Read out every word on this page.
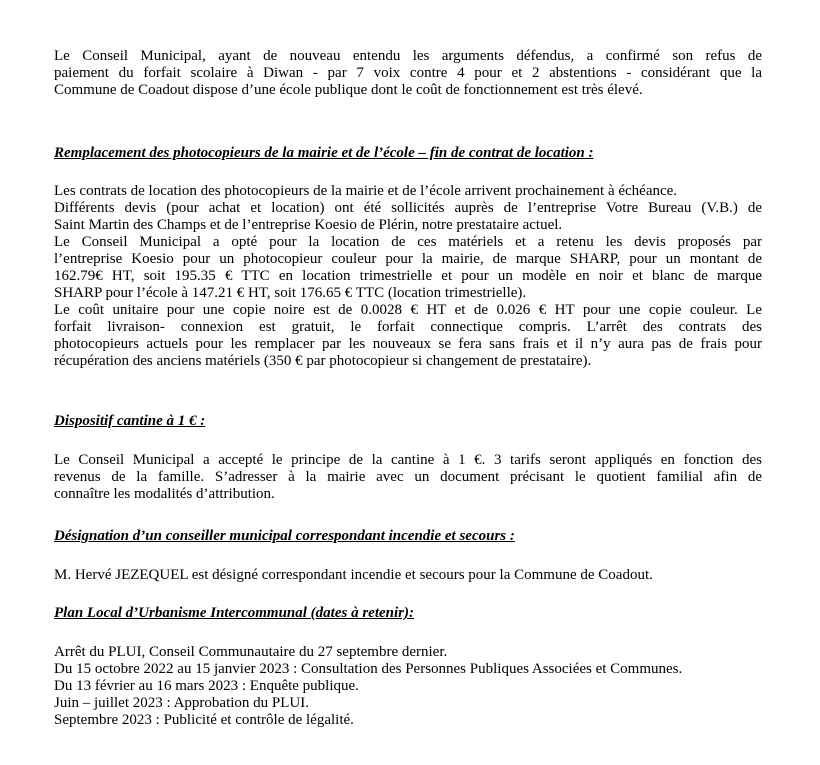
Le Conseil Municipal, ayant de nouveau entendu les arguments défendus, a confirmé son refus de
paiement du forfait scolaire à Diwan - par 7 voix contre 4 pour et 2 abstentions - considérant que la
Commune de Coadout dispose d’une école publique dont le coût de fonctionnement est très élevé.
Remplacement des photocopieurs de la mairie et de l’école – fin de contrat de location :
Les contrats de location des photocopieurs de la mairie et de l’école arrivent prochainement à échéance.
Différents devis (pour achat et location) ont été sollicités auprès de l’entreprise Votre Bureau (V.B.) de
Saint Martin des Champs et de l’entreprise Koesio de Plérin, notre prestataire actuel.
Le Conseil Municipal a opté pour la location de ces matériels et a retenu les devis proposés par
l’entreprise Koesio pour un photocopieur couleur pour la mairie, de marque SHARP, pour un montant de
162.79€ HT, soit 195.35 € TTC en location trimestrielle et pour un modèle en noir et blanc de marque
SHARP pour l’école à 147.21 € HT, soit 176.65 € TTC (location trimestrielle).
Le coût unitaire pour une copie noire est de 0.0028 € HT et de 0.026 € HT pour une copie couleur. Le
forfait livraison- connexion est gratuit, le forfait connectique compris. L’arrêt des contrats des
photocopieurs actuels pour les remplacer par les nouveaux se fera sans frais et il n’y aura pas de frais pour
récupération des anciens matériels (350 € par photocopieur si changement de prestataire).
Dispositif cantine à 1 € :
Le Conseil Municipal a accepté le principe de la cantine à 1 €. 3 tarifs seront appliqués en fonction des
revenus de la famille. S’adresser à la mairie avec un document précisant le quotient familial afin de
connaître les modalités d’attribution.
Désignation d’un conseiller municipal correspondant incendie et secours :
M. Hervé JEZEQUEL est désigné correspondant incendie et secours pour la Commune de Coadout.
Plan Local d’Urbanisme Intercommunal (dates à retenir):
Arrêt du PLUI, Conseil Communautaire du 27 septembre dernier.
Du 15 octobre 2022 au 15 janvier 2023 : Consultation des Personnes Publiques Associées et Communes.
Du 13 février au 16 mars 2023 : Enquête publique.
Juin – juillet 2023 : Approbation du PLUI.
Septembre 2023 : Publicité et contrôle de légalité.
